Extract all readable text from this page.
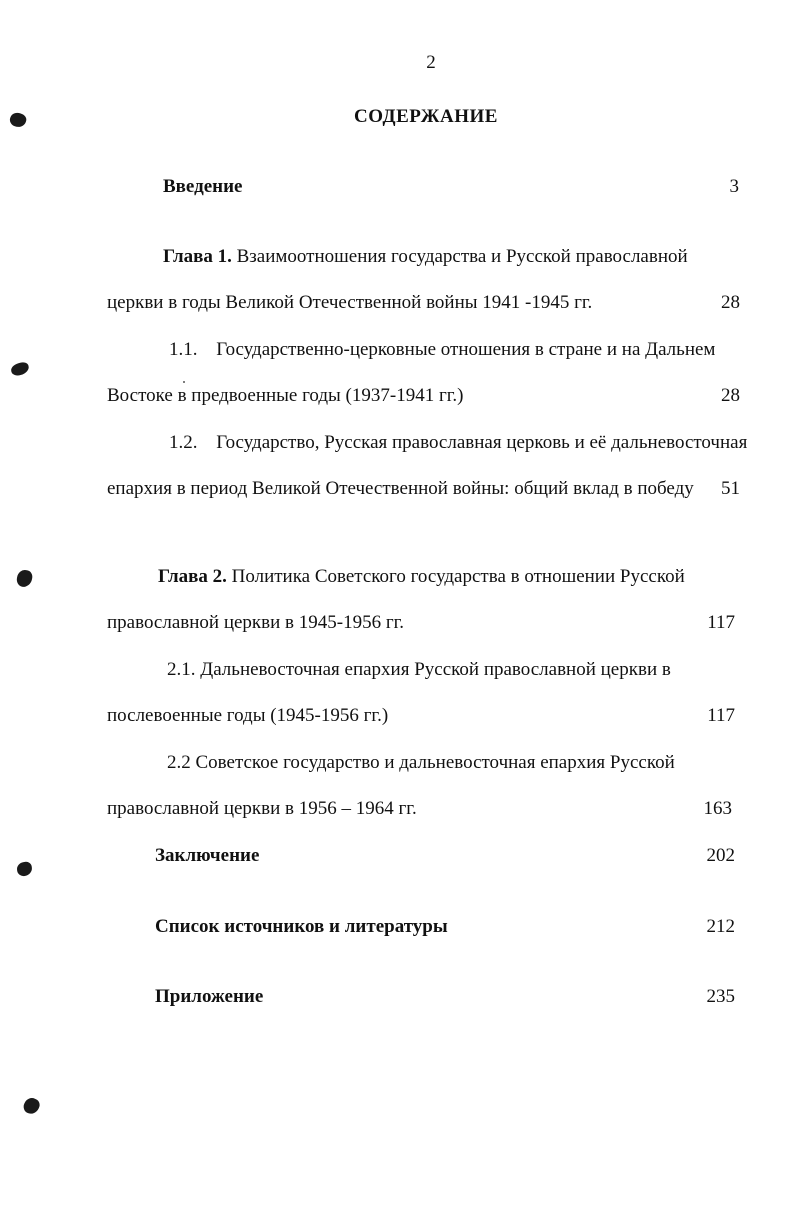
2
СОДЕРЖАНИЕ
Введение	3
Глава 1. Взаимоотношения государства и Русской православной
церкви в годы Великой Отечественной войны 1941 -1945 гг.	28
1.1. Государственно-церковные отношения в стране и на Дальнем
Востоке в предвоенные годы (1937-1941 гг.)	28
1.2. Государство, Русская православная церковь и её дальневосточная
епархия в период Великой Отечественной войны: общий вклад в победу	51
Глава 2. Политика Советского государства в отношении Русской
православной церкви в 1945-1956 гг.	117
2.1. Дальневосточная епархия Русской православной церкви в
послевоенные годы (1945-1956 гг.)	117
2.2 Советское государство и дальневосточная епархия Русской
православной церкви в 1956 – 1964 гг.	163
Заключение	202
Список источников и литературы	212
Приложение	235
